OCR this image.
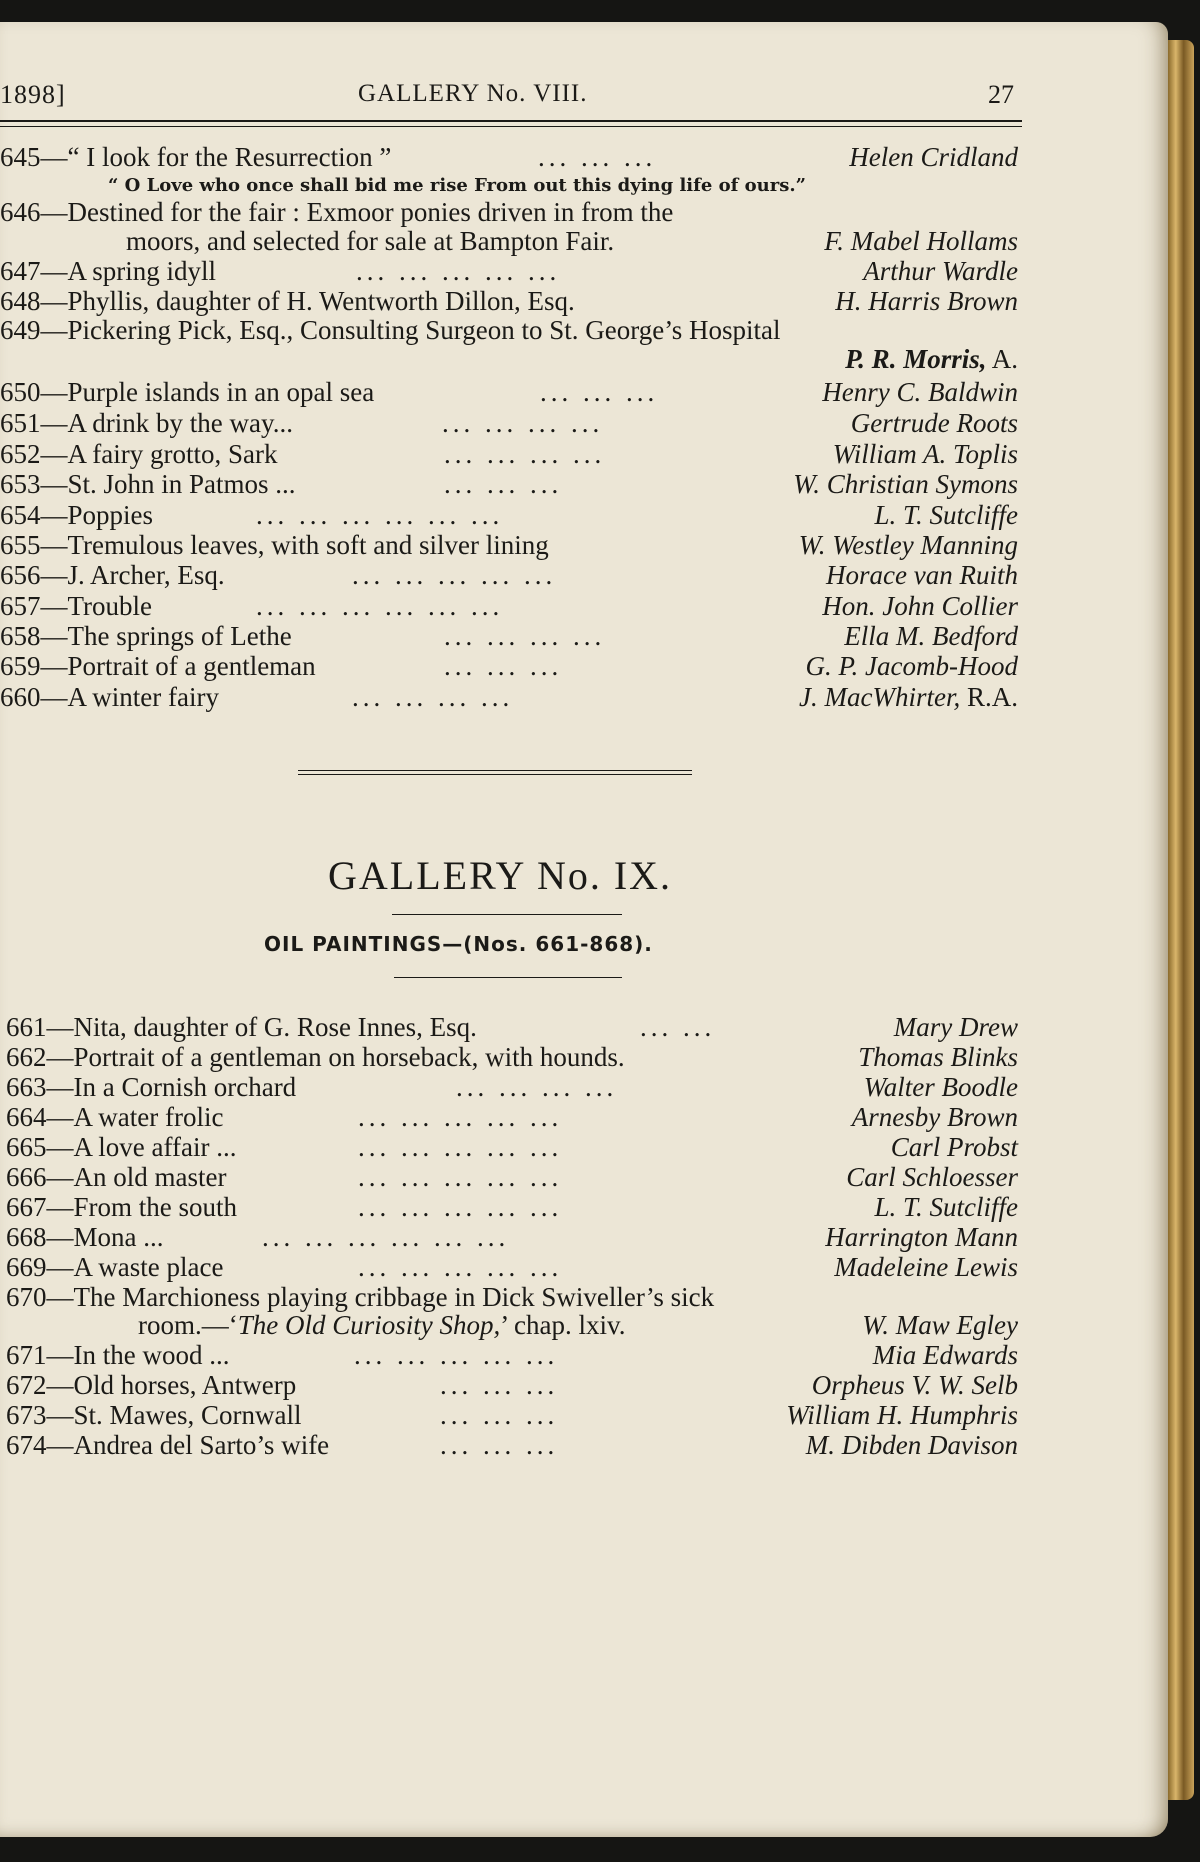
1898]	GALLERY No. VIII.	27
645—“ I look for the Resurrection ”	... ... ...	Helen Cridland
“ O Love who once shall bid me rise From out this dying life of ours.”
646—Destined for the fair : Exmoor ponies driven in from the
moors, and selected for sale at Bampton Fair.	F. Mabel Hollams
647—A spring idyll	... ... ... ... ...	Arthur Wardle
648—Phyllis, daughter of H. Wentworth Dillon, Esq.	H. Harris Brown
649—Pickering Pick, Esq., Consulting Surgeon to St. George’s Hospital
P. R. Morris, A.
650—Purple islands in an opal sea	... ... ...	Henry C. Baldwin
651—A drink by the way...	... ... ... ...	Gertrude Roots
652—A fairy grotto, Sark	... ... ... ...	William A. Toplis
653—St. John in Patmos ...	... ... ...	W. Christian Symons
654—Poppies	... ... ... ... ... ...	L. T. Sutcliffe
655—Tremulous leaves, with soft and silver lining	W. Westley Manning
656—J. Archer, Esq.	... ... ... ... ...	Horace van Ruith
657—Trouble	... ... ... ... ... ...	Hon. John Collier
658—The springs of Lethe	... ... ... ...	Ella M. Bedford
659—Portrait of a gentleman	... ... ...	G. P. Jacomb-Hood
660—A winter fairy	... ... ... ...	J. MacWhirter, R.A.
GALLERY No. IX.
OIL PAINTINGS—(Nos. 661-868).
661—Nita, daughter of G. Rose Innes, Esq.	... ...	Mary Drew
662—Portrait of a gentleman on horseback, with hounds.	Thomas Blinks
663—In a Cornish orchard	... ... ... ...	Walter Boodle
664—A water frolic	... ... ... ... ...	Arnesby Brown
665—A love affair ...	... ... ... ... ...	Carl Probst
666—An old master	... ... ... ... ...	Carl Schloesser
667—From the south	... ... ... ... ...	L. T. Sutcliffe
668—Mona ...	... ... ... ... ... ...	Harrington Mann
669—A waste place	... ... ... ... ...	Madeleine Lewis
670—The Marchioness playing cribbage in Dick Swiveller’s sick
room.—‘The Old Curiosity Shop,’ chap. lxiv.	W. Maw Egley
671—In the wood ...	... ... ... ... ...	Mia Edwards
672—Old horses, Antwerp	... ... ...	Orpheus V. W. Selb
673—St. Mawes, Cornwall	... ... ...	William H. Humphris
674—Andrea del Sarto’s wife	... ... ...	M. Dibden Davison
